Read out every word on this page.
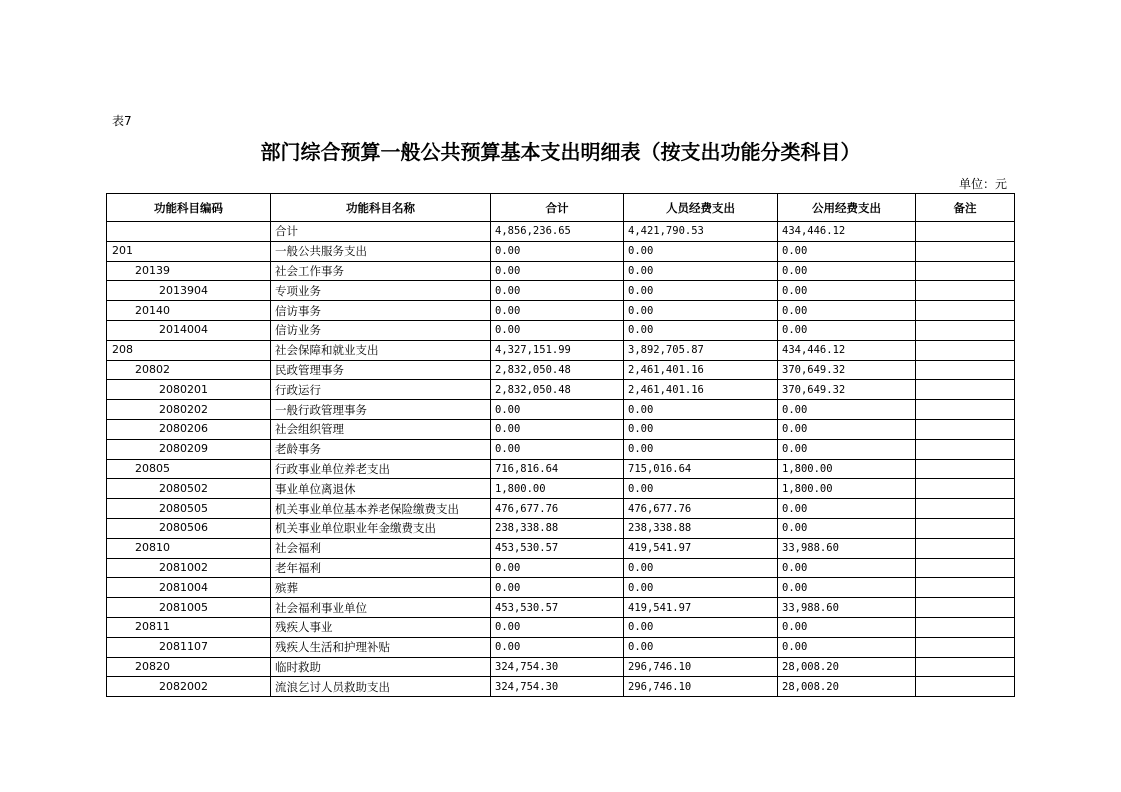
表7
部门综合预算一般公共预算基本支出明细表（按支出功能分类科目）
单位：元
功能科目编码	功能科目名称	合计	人员经费支出	公用经费支出	备注
	合计	4,856,236.65	4,421,790.53	434,446.12	
201	一般公共服务支出	0.00	0.00	0.00	
20139	社会工作事务	0.00	0.00	0.00	
2013904	专项业务	0.00	0.00	0.00	
20140	信访事务	0.00	0.00	0.00	
2014004	信访业务	0.00	0.00	0.00	
208	社会保障和就业支出	4,327,151.99	3,892,705.87	434,446.12	
20802	民政管理事务	2,832,050.48	2,461,401.16	370,649.32	
2080201	行政运行	2,832,050.48	2,461,401.16	370,649.32	
2080202	一般行政管理事务	0.00	0.00	0.00	
2080206	社会组织管理	0.00	0.00	0.00	
2080209	老龄事务	0.00	0.00	0.00	
20805	行政事业单位养老支出	716,816.64	715,016.64	1,800.00	
2080502	事业单位离退休	1,800.00	0.00	1,800.00	
2080505	机关事业单位基本养老保险缴费支出	476,677.76	476,677.76	0.00	
2080506	机关事业单位职业年金缴费支出	238,338.88	238,338.88	0.00	
20810	社会福利	453,530.57	419,541.97	33,988.60	
2081002	老年福利	0.00	0.00	0.00	
2081004	殡葬	0.00	0.00	0.00	
2081005	社会福利事业单位	453,530.57	419,541.97	33,988.60	
20811	残疾人事业	0.00	0.00	0.00	
2081107	残疾人生活和护理补贴	0.00	0.00	0.00	
20820	临时救助	324,754.30	296,746.10	28,008.20	
2082002	流浪乞讨人员救助支出	324,754.30	296,746.10	28,008.20	
